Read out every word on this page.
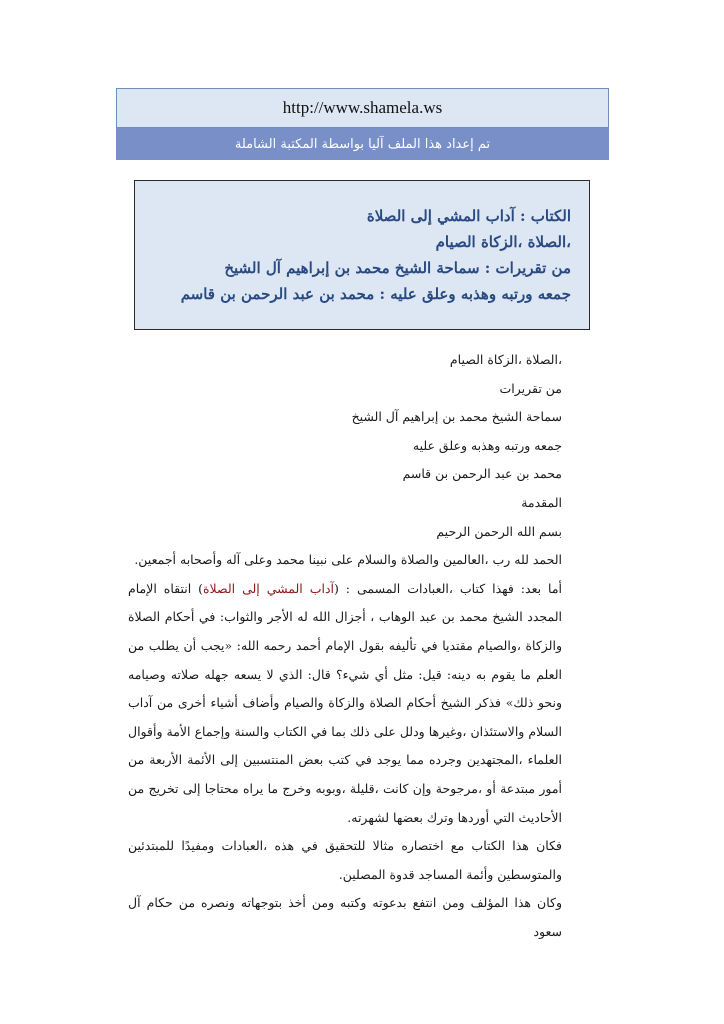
http://www.shamela.ws
تم إعداد هذا الملف آليا بواسطة المكتبة الشاملة
الكتاب : آداب المشي إلى الصلاة
،الصلاة ،الزكاة الصيام
من تقريرات : سماحة الشيخ محمد بن إبراهيم آل الشيخ
جمعه ورتبه وهذبه وعلق عليه : محمد بن عبد الرحمن بن قاسم

،الصلاة ،الزكاة الصيام

من تقريرات

سماحة الشيخ محمد بن إبراهيم آل الشيخ

جمعه ورتبه وهذبه وعلق عليه

محمد بن عبد الرحمن بن قاسم

المقدمة

بسم الله الرحمن الرحيم

الحمد لله رب ،العالمين والصلاة والسلام على نبينا محمد وعلى آله وأصحابه أجمعين.

أما بعد: فهذا كتاب ،العبادات المسمى : (آداب المشي إلى الصلاة) انتقاه الإمام المجدد الشيخ محمد بن عبد الوهاب ، أجزال الله له الأجر والثواب: في أحكام الصلاة والزكاة ،والصيام مقتديا في تأليفه بقول الإمام أحمد رحمه الله: «يجب أن يطلب من العلم ما يقوم به دينه: قيل: مثل أي شيء؟ قال: الذي لا يسعه جهله صلاته وصيامه ونحو ذلك» فذكر الشيخ أحكام الصلاة والزكاة والصيام وأضاف أشياء أخرى من آداب السلام والاستئذان ،وغيرها ودلل على ذلك بما في الكتاب والسنة وإجماع الأمة وأقوال العلماء ،المجتهدين وجرده مما يوجد في كتب بعض المنتسبين إلى الأئمة الأربعة من أمور مبتدعة أو ،مرجوحة وإن كانت ،قليلة ،وبوبه وخرج ما يراه محتاجا إلى تخريج من الأحاديث التي أوردها وترك بعضها لشهرته.

فكان هذا الكتاب مع اختصاره مثالا للتحقيق في هذه ،العبادات ومفيدًا للمبتدئين والمتوسطين وأئمة المساجد قدوة المصلين.

وكان هذا المؤلف ومن انتفع بدعوته وكتبه ومن أخذ بتوجهاته ونصره من حكام آل سعود
